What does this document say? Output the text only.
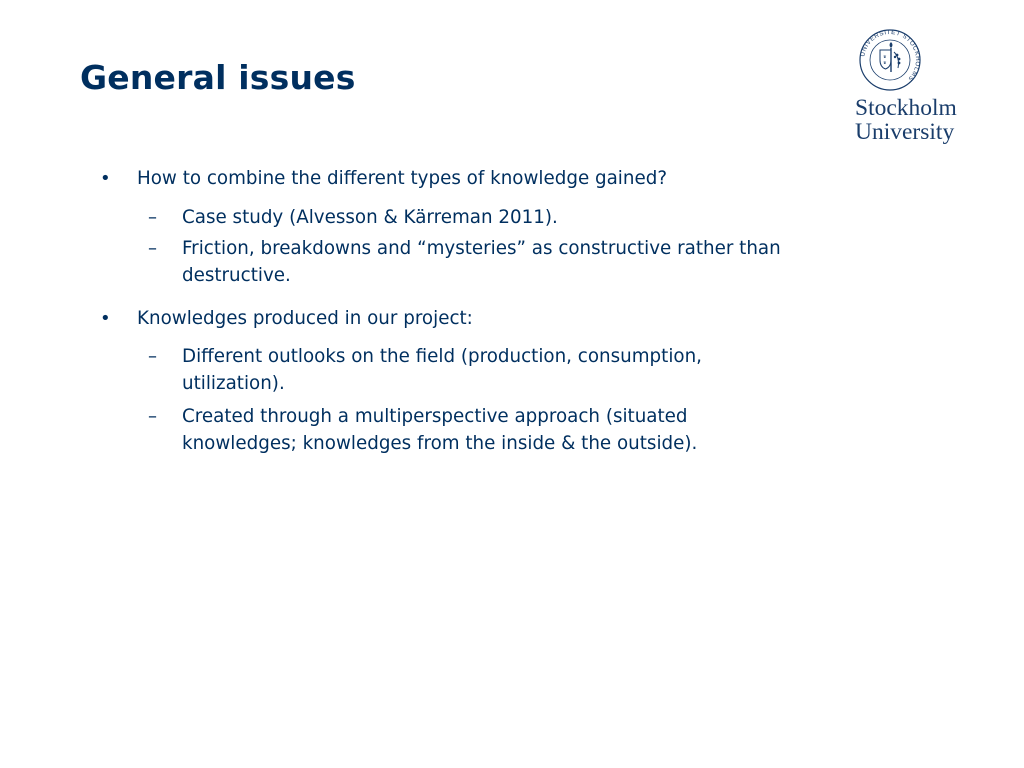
General issues
UNIVERSITET STOCKHOLMS
♛
♛
Stockholm
University
• How to combine the different types of knowledge gained?
– Case study (Alvesson & Kärreman 2011).
– Friction, breakdowns and “mysteries” as constructive rather than
destructive.
• Knowledges produced in our project:
– Different outlooks on the field (production, consumption,
utilization).
– Created through a multiperspective approach (situated
knowledges; knowledges from the inside & the outside).
